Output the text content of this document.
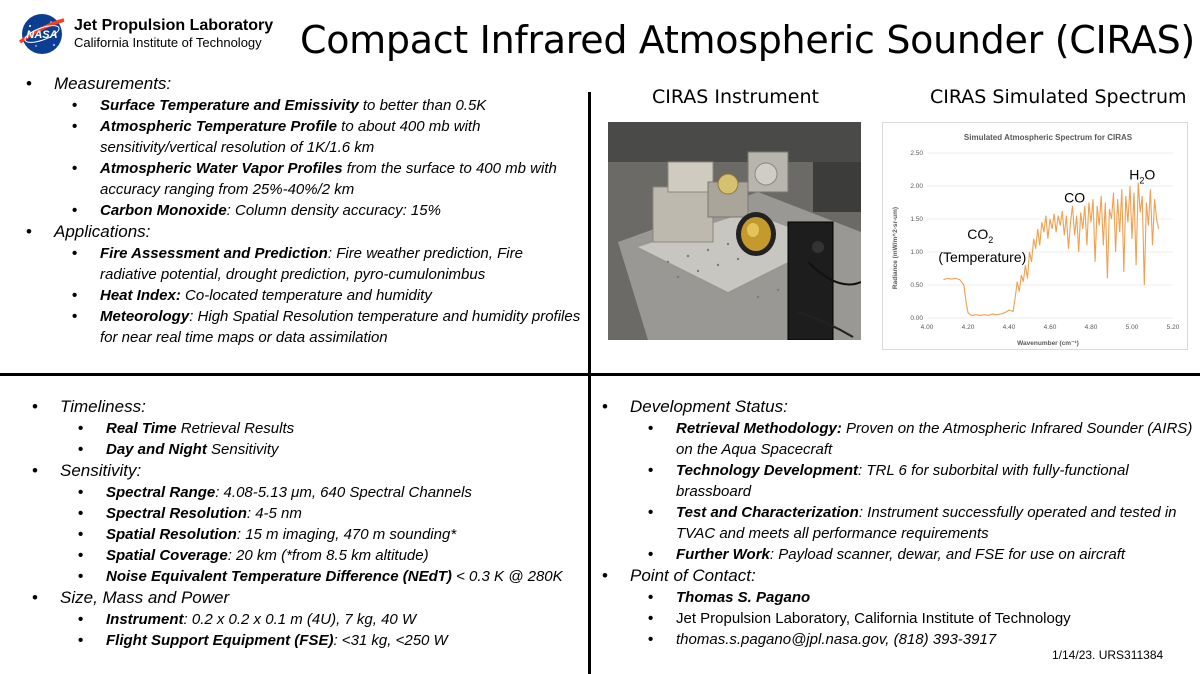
NASA
Jet Propulsion Laboratory
California Institute of Technology	Compact Infrared Atmospheric Sounder (CIRAS)
• Measurements:
• Surface Temperature and Emissivity to better than 0.5K
• Atmospheric Temperature Profile to about 400 mb with sensitivity/vertical resolution of 1K/1.6 km
• Atmospheric Water Vapor Profiles from the surface to 400 mb with accuracy ranging from 25%-40%/2 km
• Carbon Monoxide: Column density accuracy: 15%
• Applications:
• Fire Assessment and Prediction: Fire weather prediction, Fire radiative potential, drought prediction, pyro-cumulonimbus
• Heat Index: Co-located temperature and humidity
• Meteorology: High Spatial Resolution temperature and humidity profiles for near real time maps or data assimilation
CIRAS Instrument	CIRAS Simulated Spectrum
Simulated Atmospheric Spectrum for CIRAS
0.00
0.50
1.00
1.50
2.00
2.50
4.00	4.20	4.40	4.60	4.80	5.00	5.20
$CO_2$
(Temperature)
CO
$H_2O$
Wavenumber (cm⁻¹)
Radiance (mW/m^2-sr-um)
• Timeliness:
• Real Time Retrieval Results
• Day and Night Sensitivity
• Sensitivity:
• Spectral Range: 4.08-5.13 μm, 640 Spectral Channels
• Spectral Resolution: 4-5 nm
• Spatial Resolution: 15 m imaging, 470 m sounding*
• Spatial Coverage: 20 km (*from 8.5 km altitude)
• Noise Equivalent Temperature Difference (NEdT) < 0.3 K @ 280K
• Size, Mass and Power
• Instrument: 0.2 x 0.2 x 0.1 m (4U), 7 kg, 40 W
• Flight Support Equipment (FSE): <31 kg, <250 W
• Development Status:
• Retrieval Methodology: Proven on the Atmospheric Infrared Sounder (AIRS) on the Aqua Spacecraft
• Technology Development: TRL 6 for suborbital with fully-functional brassboard
• Test and Characterization: Instrument successfully operated and tested in TVAC and meets all performance requirements
• Further Work: Payload scanner, dewar, and FSE for use on aircraft
• Point of Contact:
• Thomas S. Pagano
• Jet Propulsion Laboratory, California Institute of Technology
• thomas.s.pagano@jpl.nasa.gov, (818) 393-3917
1/14/23. URS311384
